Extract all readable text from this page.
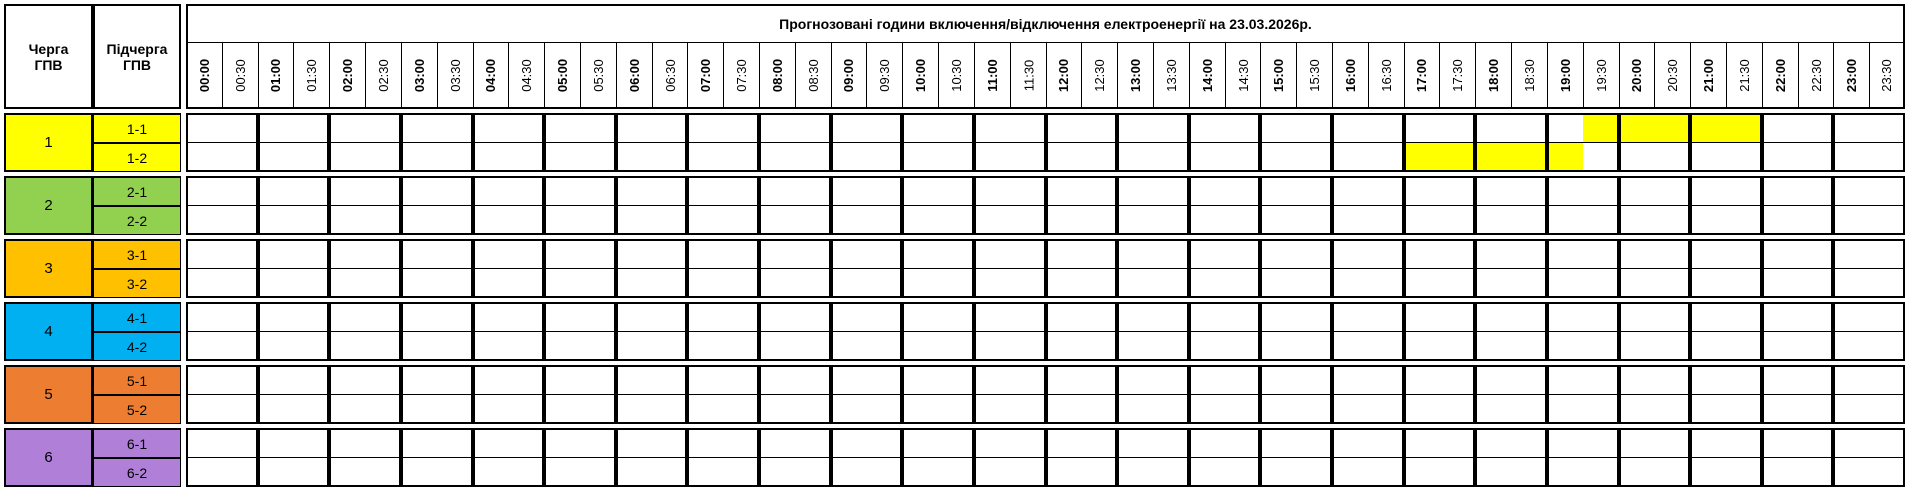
Черга
ГПВ
Підчерга
ГПВ
Прогнозовані години включення/відключення електроенергії на 23.03.2026р.
00:00 00:30 01:00 01:30 02:00 02:30 03:00 03:30 04:00 04:30 05:00 05:30 06:00 06:30 07:00 07:30 08:00 08:30 09:00 09:30 10:00 10:30 11:00 11:30 12:00 12:30 13:00 13:30 14:00 14:30 15:00 15:30 16:00 16:30 17:00 17:30 18:00 18:30 19:00 19:30 20:00 20:30 21:00 21:30 22:00 22:30 23:00 23:30
1
1-1
1-2
2
2-1
2-2
3
3-1
3-2
4
4-1
4-2
5
5-1
5-2
6
6-1
6-2
